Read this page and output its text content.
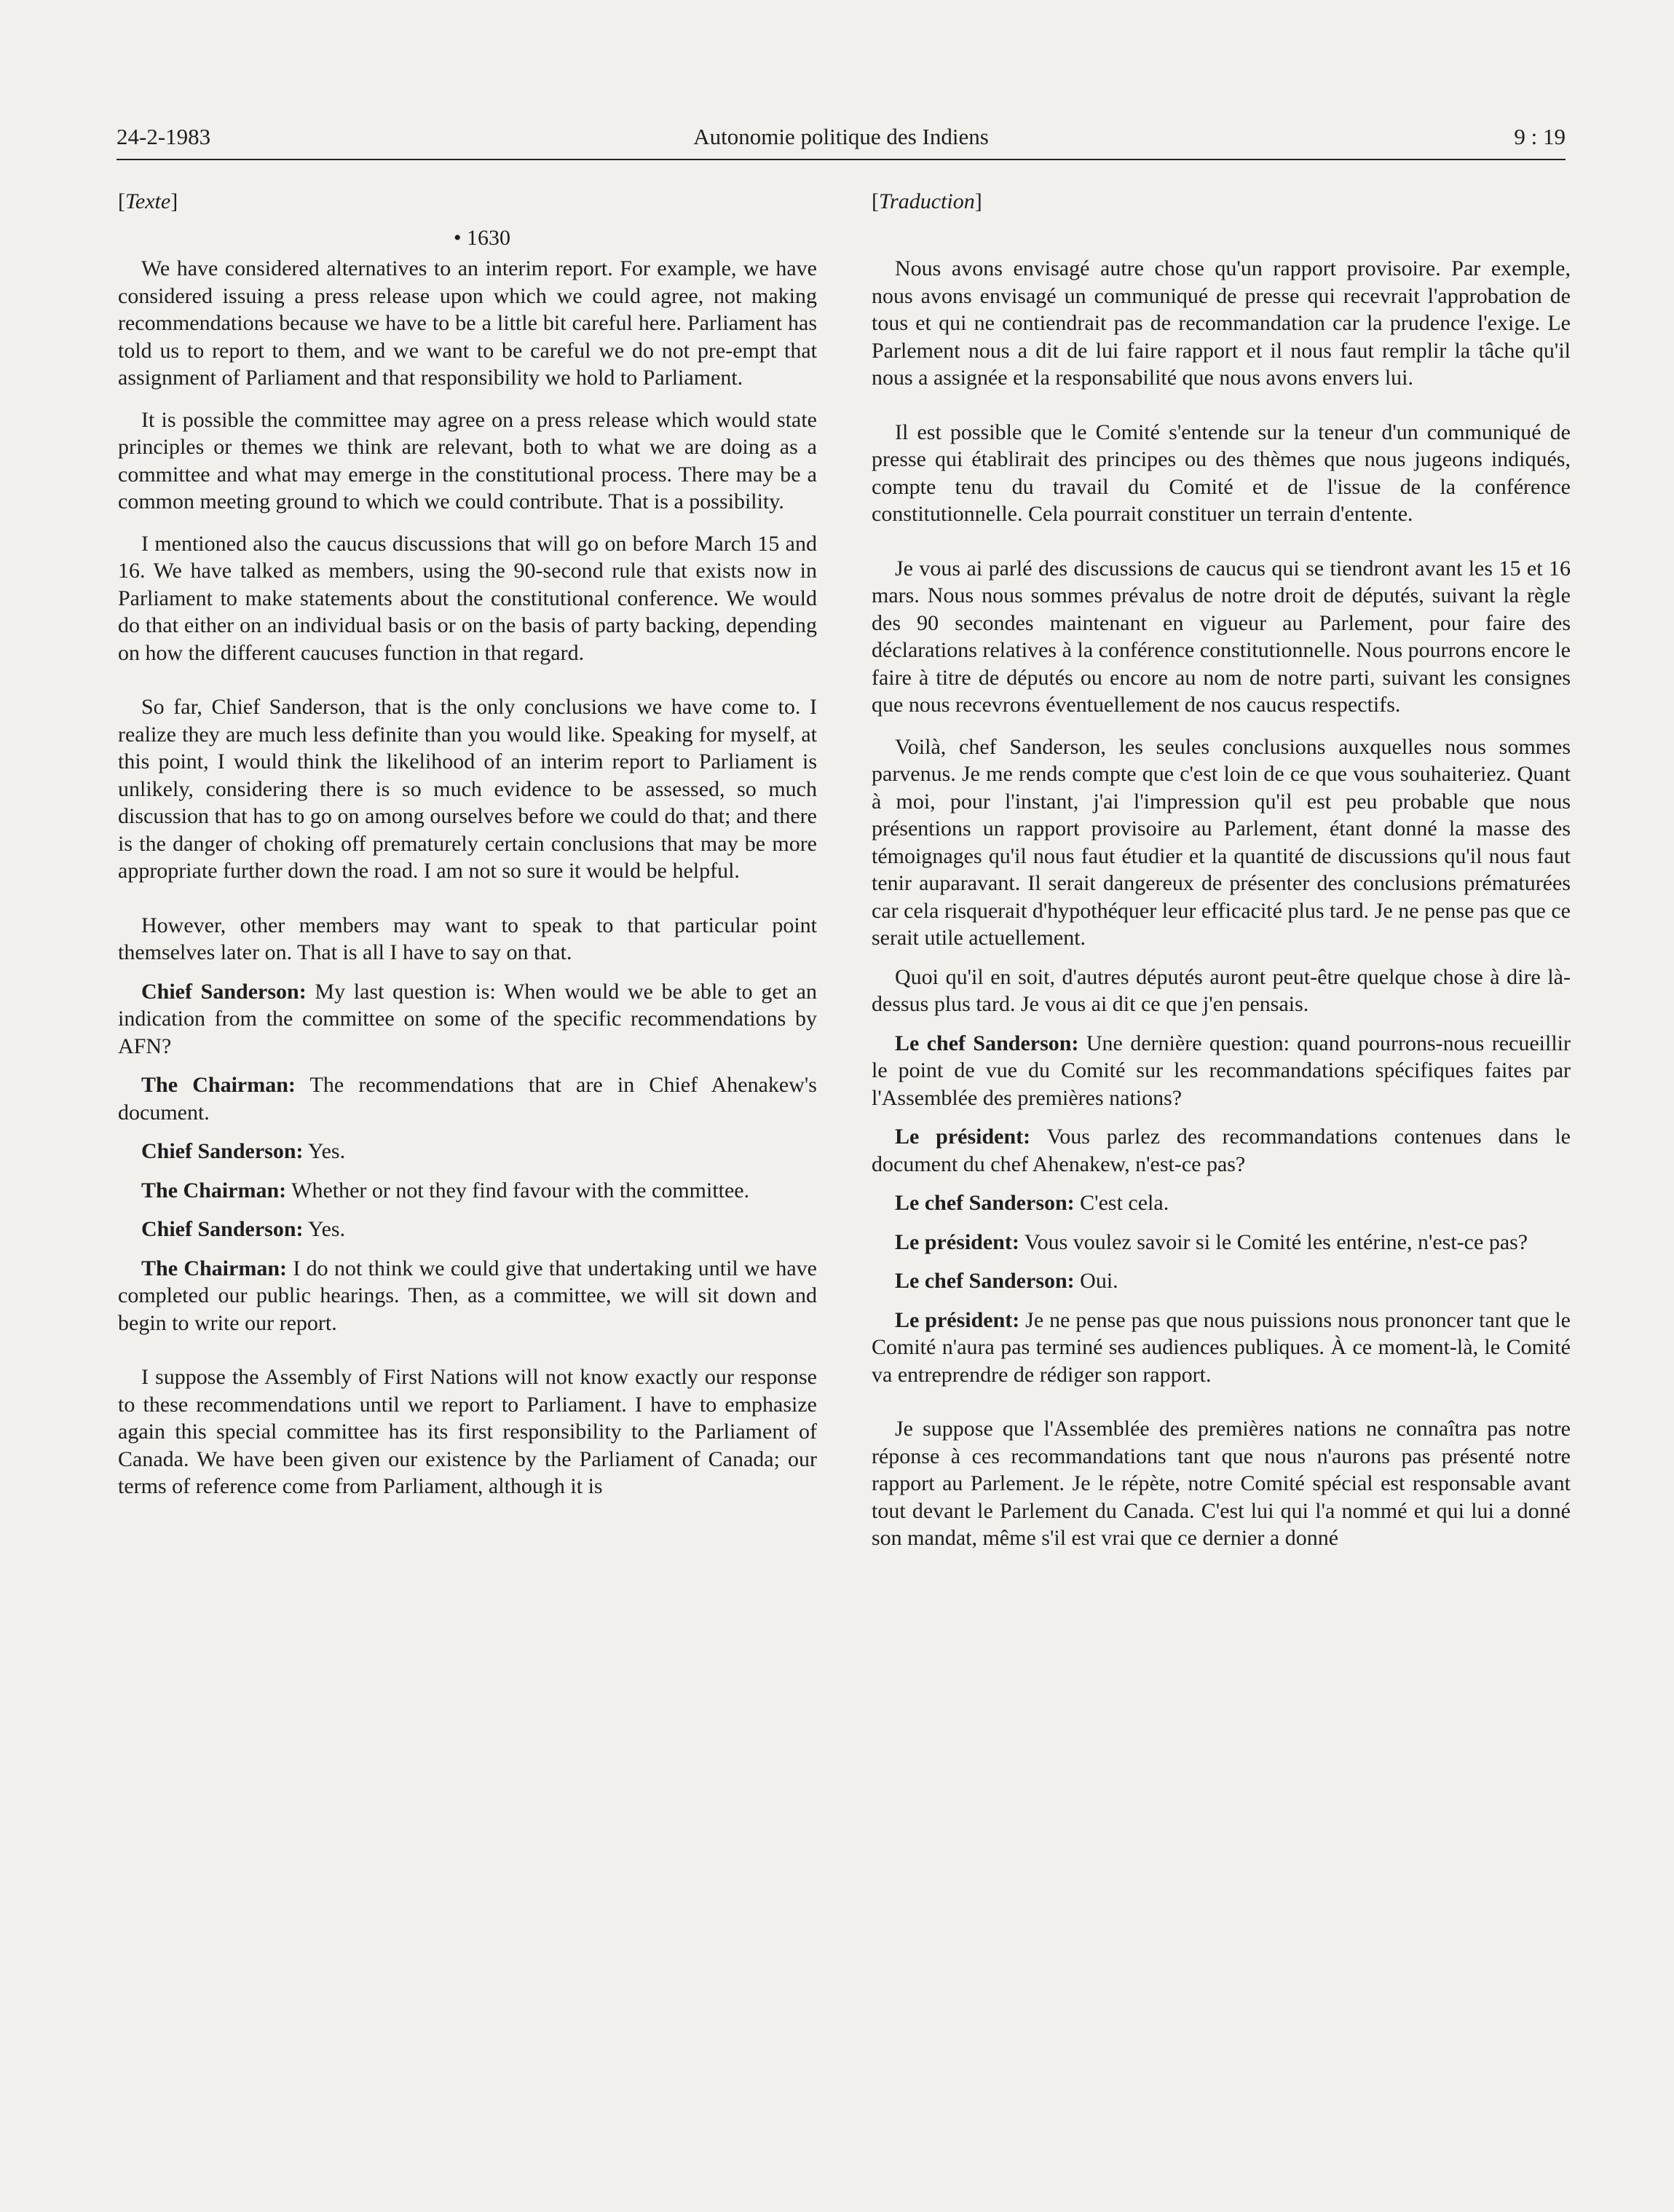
24-2-1983	Autonomie politique des Indiens	9 : 19

[Texte]

• 1630

We have considered alternatives to an interim report. For example, we have considered issuing a press release upon which we could agree, not making recommendations because we have to be a little bit careful here. Parliament has told us to report to them, and we want to be careful we do not pre-empt that assignment of Parliament and that responsibility we hold to Parliament.

It is possible the committee may agree on a press release which would state principles or themes we think are relevant, both to what we are doing as a committee and what may emerge in the constitutional process. There may be a common meeting ground to which we could contribute. That is a possibility.

I mentioned also the caucus discussions that will go on before March 15 and 16. We have talked as members, using the 90-second rule that exists now in Parliament to make statements about the constitutional conference. We would do that either on an individual basis or on the basis of party backing, depending on how the different caucuses function in that regard.

So far, Chief Sanderson, that is the only conclusions we have come to. I realize they are much less definite than you would like. Speaking for myself, at this point, I would think the likelihood of an interim report to Parliament is unlikely, considering there is so much evidence to be assessed, so much discussion that has to go on among ourselves before we could do that; and there is the danger of choking off prematurely certain conclusions that may be more appropriate further down the road. I am not so sure it would be helpful.

However, other members may want to speak to that particular point themselves later on. That is all I have to say on that.

Chief Sanderson: My last question is: When would we be able to get an indication from the committee on some of the specific recommendations by AFN?

The Chairman: The recommendations that are in Chief Ahenakew's document.

Chief Sanderson: Yes.

The Chairman: Whether or not they find favour with the committee.

Chief Sanderson: Yes.

The Chairman: I do not think we could give that undertaking until we have completed our public hearings. Then, as a committee, we will sit down and begin to write our report.

I suppose the Assembly of First Nations will not know exactly our response to these recommendations until we report to Parliament. I have to emphasize again this special committee has its first responsibility to the Parliament of Canada. We have been given our existence by the Parliament of Canada; our terms of reference come from Parliament, although it is

[Traduction]

Nous avons envisagé autre chose qu'un rapport provisoire. Par exemple, nous avons envisagé un communiqué de presse qui recevrait l'approbation de tous et qui ne contiendrait pas de recommandation car la prudence l'exige. Le Parlement nous a dit de lui faire rapport et il nous faut remplir la tâche qu'il nous a assignée et la responsabilité que nous avons envers lui.

Il est possible que le Comité s'entende sur la teneur d'un communiqué de presse qui établirait des principes ou des thèmes que nous jugeons indiqués, compte tenu du travail du Comité et de l'issue de la conférence constitutionnelle. Cela pourrait constituer un terrain d'entente.

Je vous ai parlé des discussions de caucus qui se tiendront avant les 15 et 16 mars. Nous nous sommes prévalus de notre droit de députés, suivant la règle des 90 secondes maintenant en vigueur au Parlement, pour faire des déclarations relatives à la conférence constitutionnelle. Nous pourrons encore le faire à titre de députés ou encore au nom de notre parti, suivant les consignes que nous recevrons éventuellement de nos caucus respectifs.

Voilà, chef Sanderson, les seules conclusions auxquelles nous sommes parvenus. Je me rends compte que c'est loin de ce que vous souhaiteriez. Quant à moi, pour l'instant, j'ai l'impression qu'il est peu probable que nous présentions un rapport provisoire au Parlement, étant donné la masse des témoignages qu'il nous faut étudier et la quantité de discussions qu'il nous faut tenir auparavant. Il serait dangereux de présenter des conclusions prématurées car cela risquerait d'hypothéquer leur efficacité plus tard. Je ne pense pas que ce serait utile actuellement.

Quoi qu'il en soit, d'autres députés auront peut-être quelque chose à dire là-dessus plus tard. Je vous ai dit ce que j'en pensais.

Le chef Sanderson: Une dernière question: quand pourrons-nous recueillir le point de vue du Comité sur les recommandations spécifiques faites par l'Assemblée des premières nations?

Le président: Vous parlez des recommandations contenues dans le document du chef Ahenakew, n'est-ce pas?

Le chef Sanderson: C'est cela.

Le président: Vous voulez savoir si le Comité les entérine, n'est-ce pas?

Le chef Sanderson: Oui.

Le président: Je ne pense pas que nous puissions nous prononcer tant que le Comité n'aura pas terminé ses audiences publiques. À ce moment-là, le Comité va entreprendre de rédiger son rapport.

Je suppose que l'Assemblée des premières nations ne connaîtra pas notre réponse à ces recommandations tant que nous n'aurons pas présenté notre rapport au Parlement. Je le répète, notre Comité spécial est responsable avant tout devant le Parlement du Canada. C'est lui qui l'a nommé et qui lui a donné son mandat, même s'il est vrai que ce dernier a donné
